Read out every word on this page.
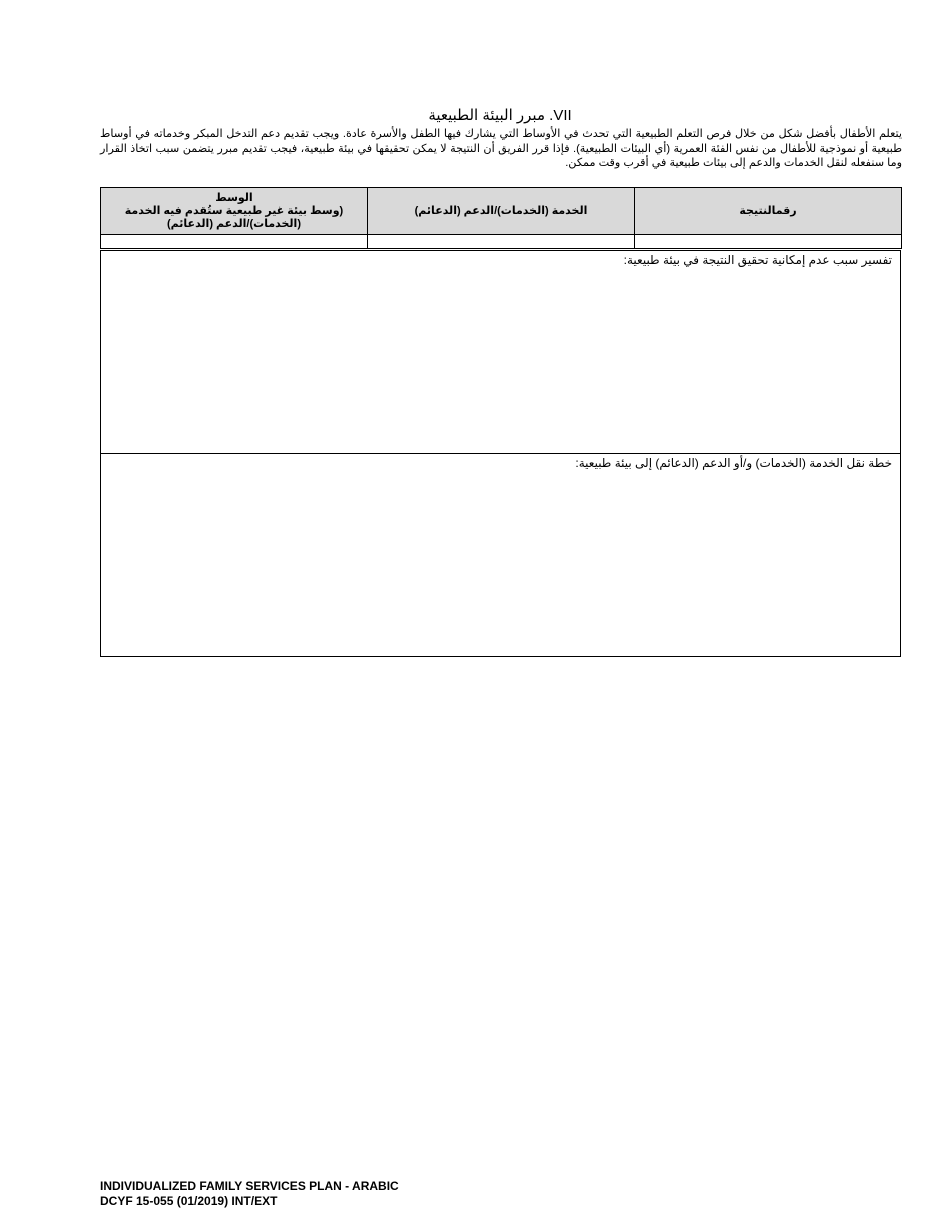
VII. مبرر البيئة الطبيعية
يتعلم الأطفال بأفضل شكل من خلال فرص التعلم الطبيعية التي تحدث في الأوساط التي يشارك فيها الطفل والأسرة عادة. ويجب تقديم دعم التدخل المبكر وخدماته في أوساط طبيعية أو نموذجية للأطفال من نفس الفئة العمرية (أي البيئات الطبيعية). فإذا قرر الفريق أن النتيجة لا يمكن تحقيقها في بيئة طبيعية، فيجب تقديم مبرر يتضمن سبب اتخاذ القرار وما سنفعله لنقل الخدمات والدعم إلى بيئات طبيعية في أقرب وقت ممكن.
رقمالنتيجة	الخدمة (الخدمات)/الدعم (الدعائم)	الوسط
(وسط بيئة غير طبيعية ستُقدم فيه الخدمة (الخدمات)/الدعم (الدعائم)

تفسير سبب عدم إمكانية تحقيق النتيجة في بيئة طبيعية:
خطة نقل الخدمة (الخدمات) و/أو الدعم (الدعائم) إلى بيئة طبيعية:
INDIVIDUALIZED FAMILY SERVICES PLAN - ARABIC
DCYF 15-055 (01/2019) INT/EXT
